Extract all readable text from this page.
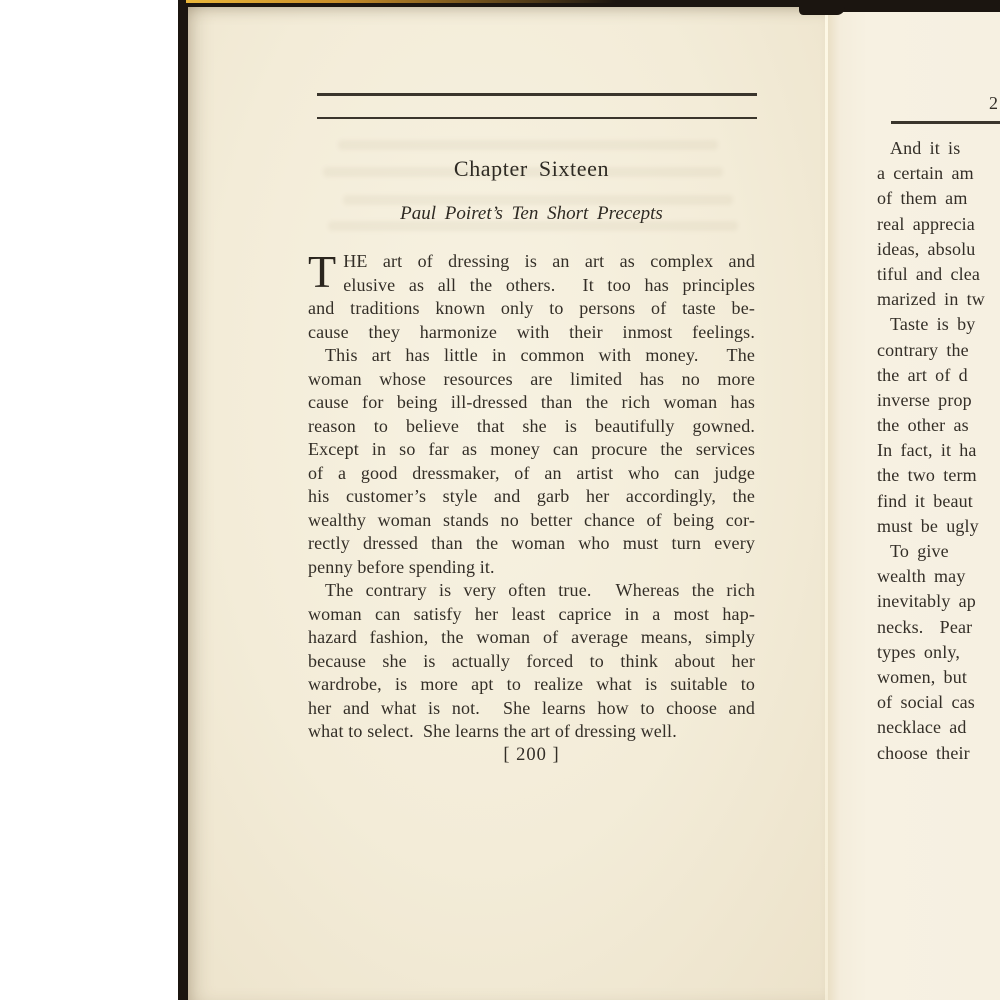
Chapter Sixteen
Paul Poiret’s Ten Short Precepts
T HE art of dressing is an art as complex and
elusive as all the others.  It too has principles
and traditions known only to persons of taste be-
cause they harmonize with their inmost feelings.
This art has little in common with money.  The
woman whose resources are limited has no more
cause for being ill-dressed than the rich woman has
reason to believe that she is beautifully gowned.
Except in so far as money can procure the services
of a good dressmaker, of an artist who can judge
his customer’s style and garb her accordingly, the
wealthy woman stands no better chance of being cor-
rectly dressed than the woman who must turn every
penny before spending it.
The contrary is very often true.  Whereas the rich
woman can satisfy her least caprice in a most hap-
hazard fashion, the woman of average means, simply
because she is actually forced to think about her
wardrobe, is more apt to realize what is suitable to
her and what is not.  She learns how to choose and
what to select.  She learns the art of dressing well.
[ 200 ]
2
And it is
a certain am
of them am
real apprecia
ideas, absolu
tiful and clea
marized in tw
Taste is by
contrary the
the art of d
inverse prop
the other as
In fact, it ha
the two term
find it beaut
must be ugly
To give
wealth may
inevitably ap
necks.  Pear
types only,
women, but
of social cas
necklace ad
choose their
